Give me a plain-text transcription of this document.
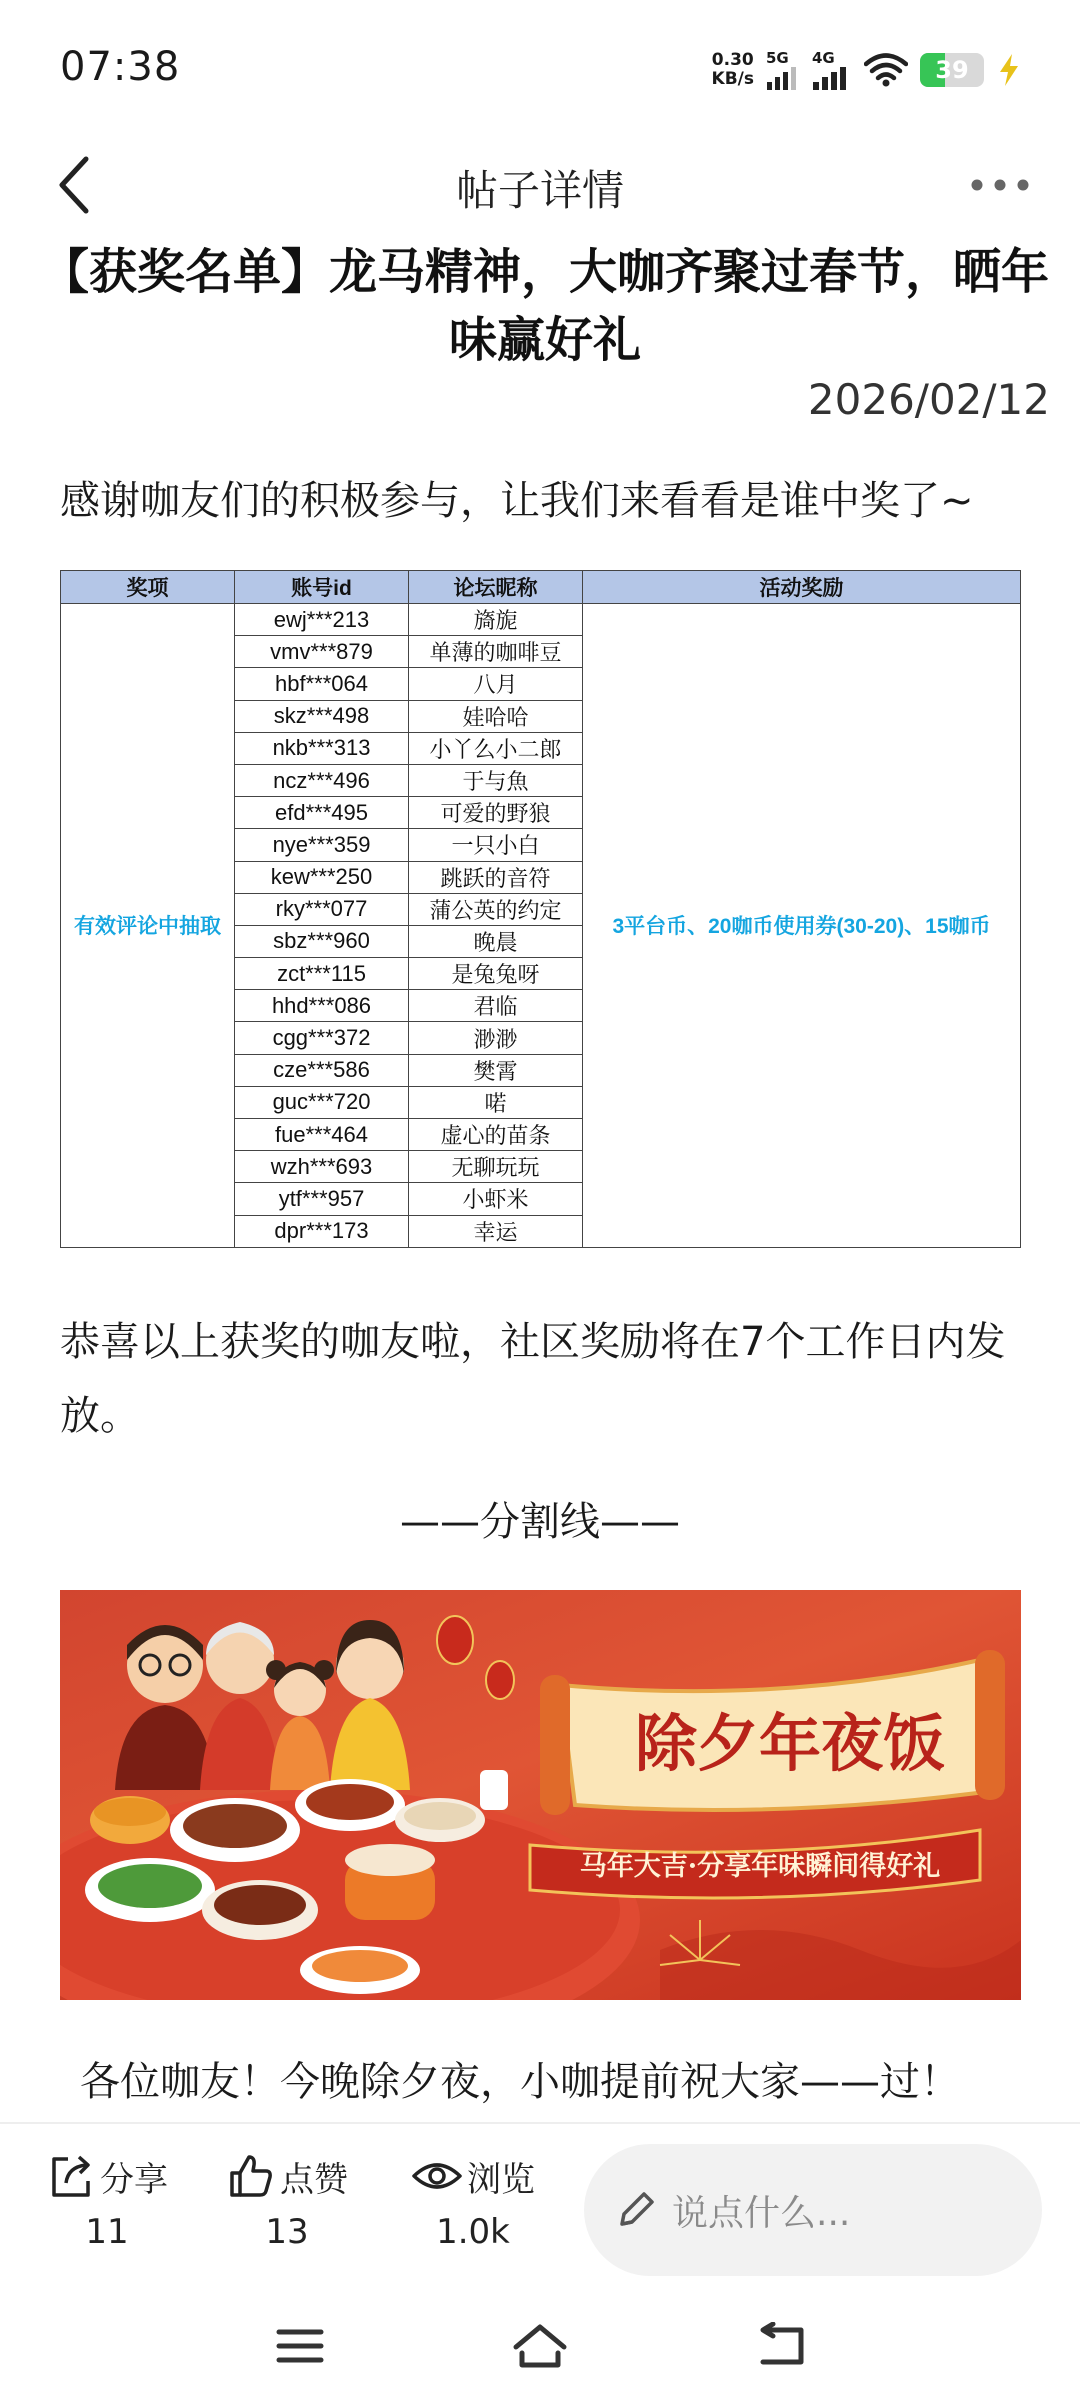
07:38	0.30
KB/s
5G 4G	39
帖子详情
【获奖名单】龙马精神，大咖齐聚过春节，晒年味赢好礼
2026/02/12
感谢咖友们的积极参与，让我们来看看是谁中奖了~
奖项	账号id	论坛昵称	活动奖励
有效评论中抽取	ewj***213	旖旎	3平台币、20咖币使用券(30-20)、15咖币
	vmv***879	单薄的咖啡豆	
	hbf***064	八月	
	skz***498	娃哈哈	
	nkb***313	小丫么小二郎	
	ncz***496	于与魚	
	efd***495	可爱的野狼	
	nye***359	一只小白	
	kew***250	跳跃的音符	
	rky***077	蒲公英的约定	
	sbz***960	晚晨	
	zct***115	是兔兔呀	
	hhd***086	君临	
	cgg***372	渺渺	
	cze***586	樊霄	
	guc***720	喏	
	fue***464	虚心的苗条	
	wzh***693	无聊玩玩	
	ytf***957	小虾米	
	dpr***173	幸运	
恭喜以上获奖的咖友啦，社区奖励将在7个工作日内发放。
——分割线——
除夕年夜饭
马年大吉·分享年味瞬间得好礼
各位咖友！今晚除夕夜，小咖提前祝大家——过！
分享
11
点赞
13
浏览
1.0k	说点什么...
